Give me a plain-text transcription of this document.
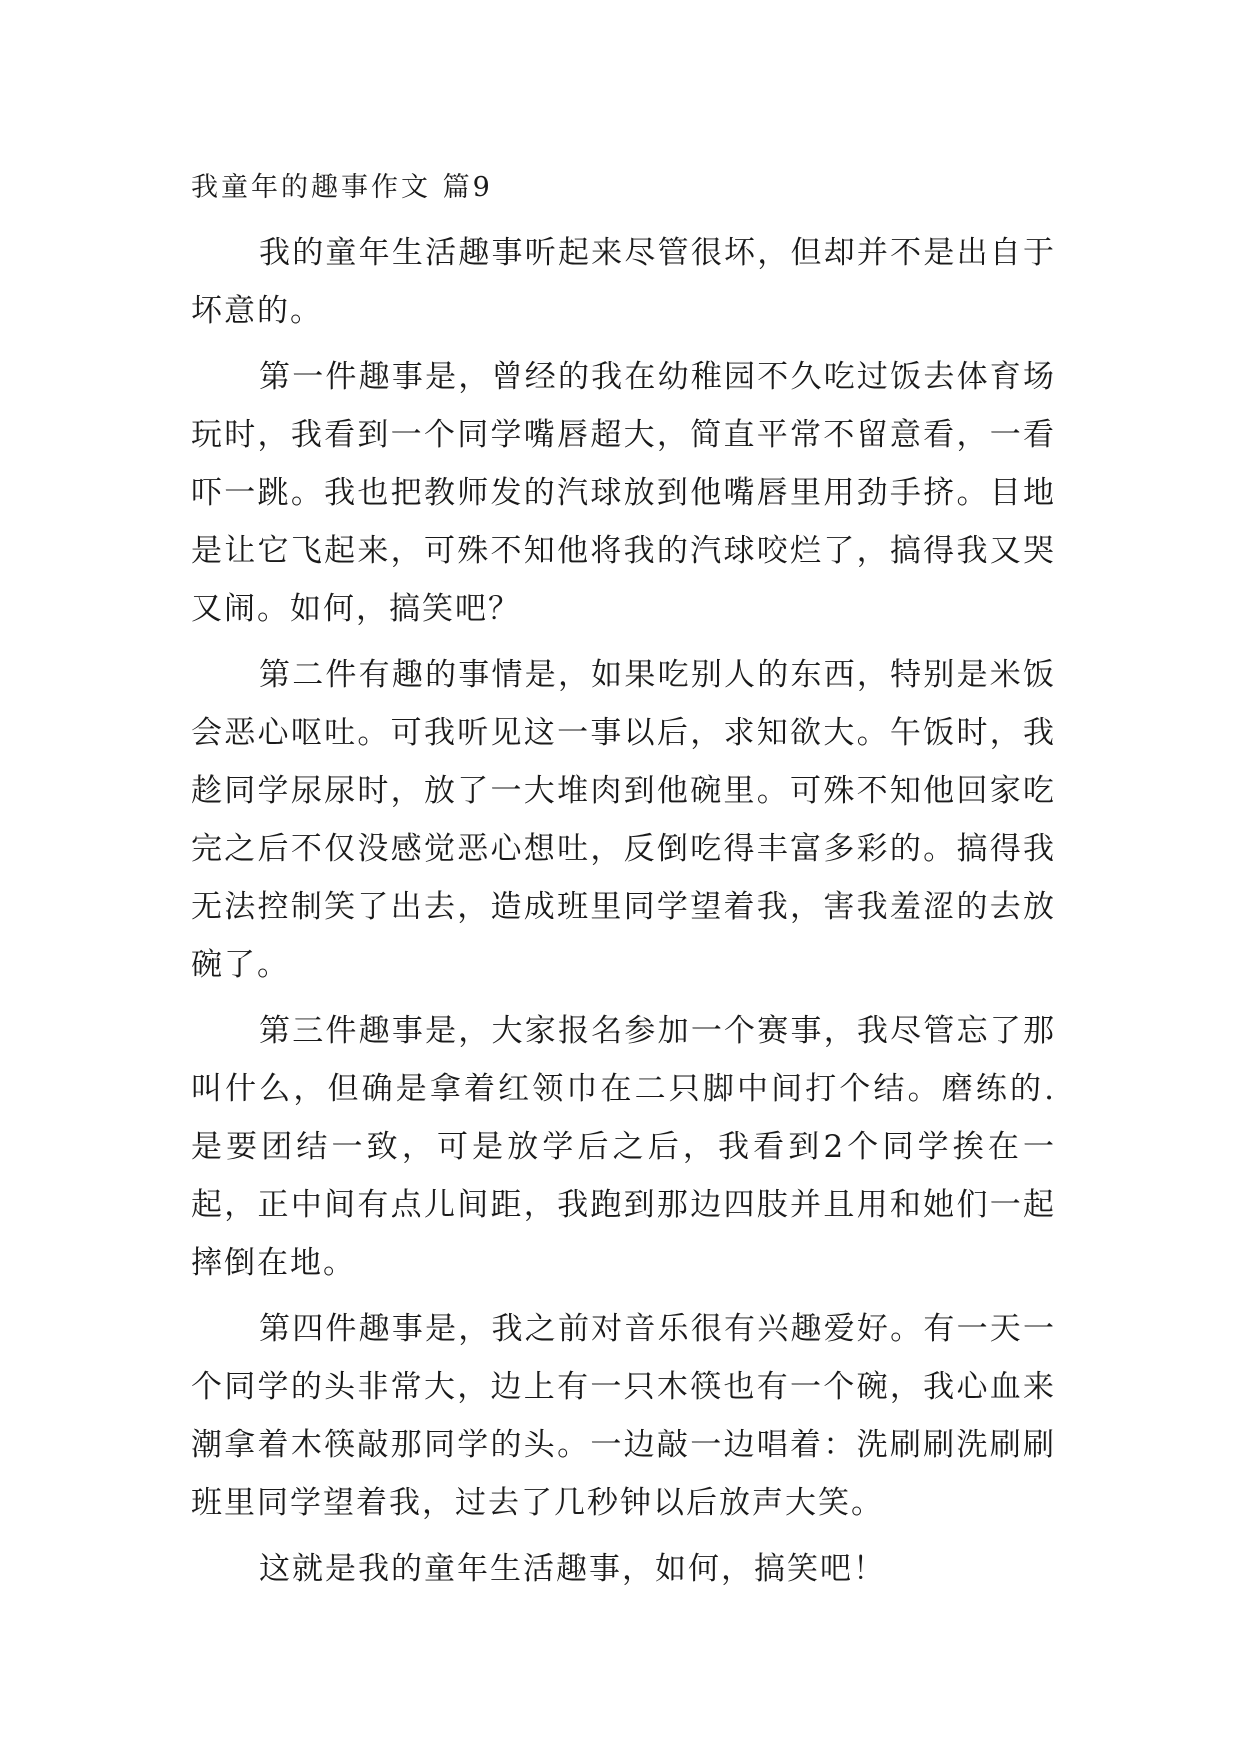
我童年的趣事作文 篇9

我的童年生活趣事听起来尽管很坏，但却并不是出自于坏意的。

第一件趣事是，曾经的我在幼稚园不久吃过饭去体育场玩时，我看到一个同学嘴唇超大，简直平常不留意看，一看吓一跳。我也把教师发的汽球放到他嘴唇里用劲手挤。目地是让它飞起来，可殊不知他将我的汽球咬烂了，搞得我又哭又闹。如何，搞笑吧？

第二件有趣的事情是，如果吃别人的东西，特别是米饭会恶心呕吐。可我听见这一事以后，求知欲大。午饭时，我趁同学尿尿时，放了一大堆肉到他碗里。可殊不知他回家吃完之后不仅没感觉恶心想吐，反倒吃得丰富多彩的。搞得我无法控制笑了出去，造成班里同学望着我，害我羞涩的去放碗了。

第三件趣事是，大家报名参加一个赛事，我尽管忘了那叫什么，但确是拿着红领巾在二只脚中间打个结。磨练的.是要团结一致，可是放学后之后，我看到2个同学挨在一起，正中间有点儿间距，我跑到那边四肢并且用和她们一起摔倒在地。

第四件趣事是，我之前对音乐很有兴趣爱好。有一天一个同学的头非常大，边上有一只木筷也有一个碗，我心血来潮拿着木筷敲那同学的头。一边敲一边唱着：洗刷刷洗刷刷班里同学望着我，过去了几秒钟以后放声大笑。

这就是我的童年生活趣事，如何，搞笑吧！
